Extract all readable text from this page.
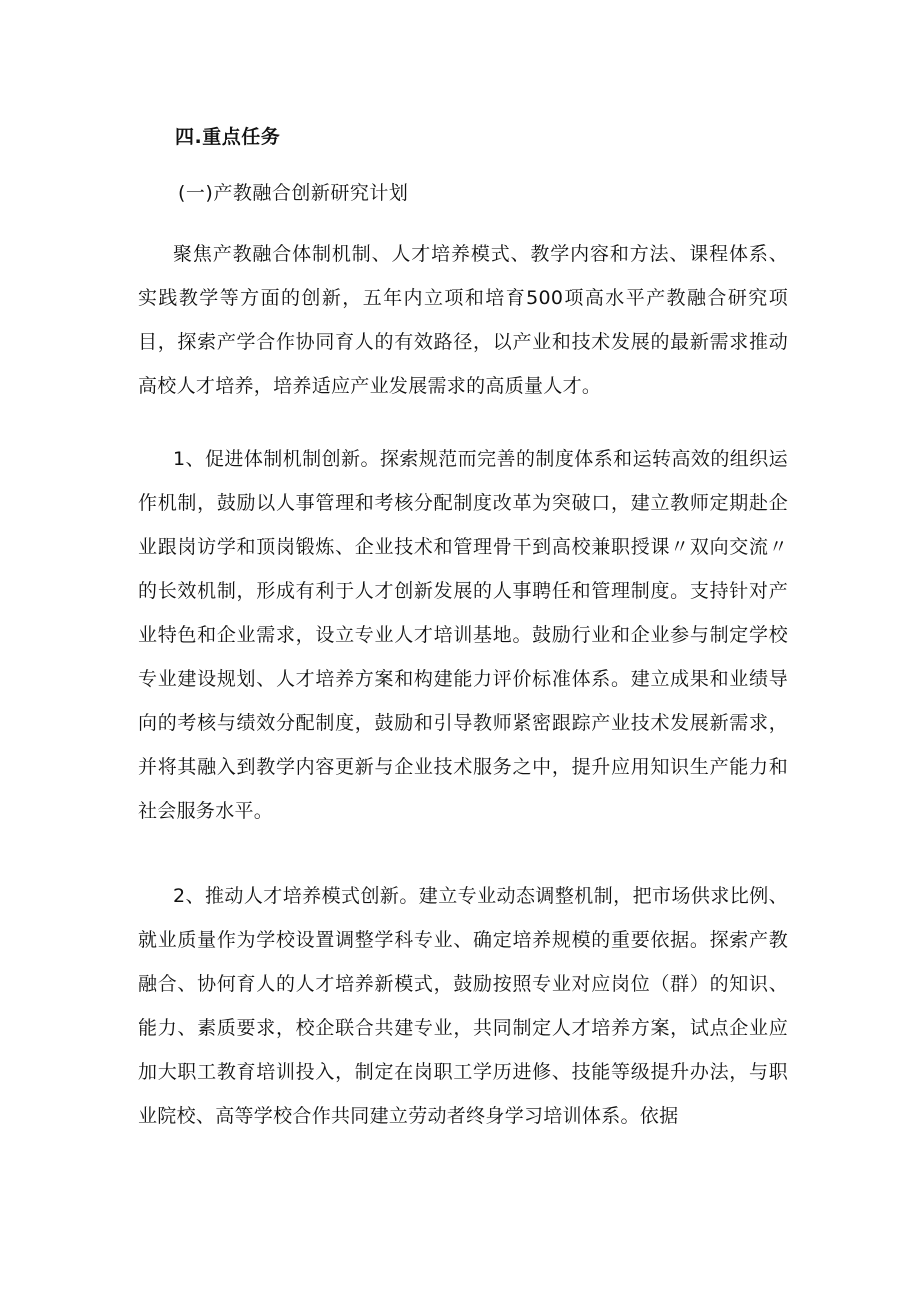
四.重点任务
(一)产教融合创新研究计划

聚焦产教融合体制机制、人才培养模式、教学内容和方法、课程体系、实践教学等方面的创新，五年内立项和培育500项高水平产教融合研究项目，探索产学合作协同育人的有效路径，以产业和技术发展的最新需求推动高校人才培养，培养适应产业发展需求的高质量人才。

1、促进体制机制创新。探索规范而完善的制度体系和运转高效的组织运作机制，鼓励以人事管理和考核分配制度改革为突破口，建立教师定期赴企业跟岗访学和顶岗锻炼、企业技术和管理骨干到高校兼职授课〃双向交流〃的长效机制，形成有利于人才创新发展的人事聘任和管理制度。支持针对产业特色和企业需求，设立专业人才培训基地。鼓励行业和企业参与制定学校专业建设规划、人才培养方案和构建能力评价标准体系。建立成果和业绩导向的考核与绩效分配制度，鼓励和引导教师紧密跟踪产业技术发展新需求，并将其融入到教学内容更新与企业技术服务之中，提升应用知识生产能力和社会服务水平。

2、推动人才培养模式创新。建立专业动态调整机制，把市场供求比例、就业质量作为学校设置调整学科专业、确定培养规模的重要依据。探索产教融合、协何育人的人才培养新模式，鼓励按照专业对应岗位（群）的知识、能力、素质要求，校企联合共建专业，共同制定人才培养方案，试点企业应加大职工教育培训投入，制定在岗职工学历进修、技能等级提升办法，与职业院校、高等学校合作共同建立劳动者终身学习培训体系。依据
